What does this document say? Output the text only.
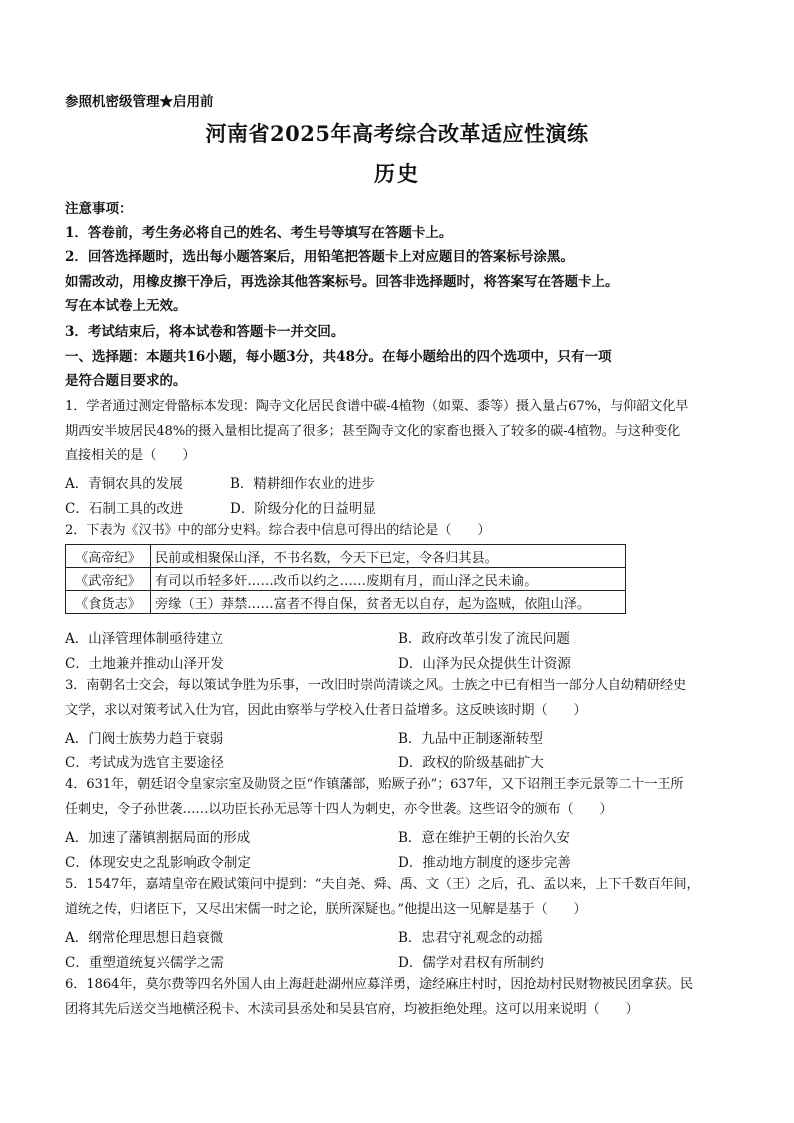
参照机密级管理★启用前
河南省2025年高考综合改革适应性演练
历史
注意事项：
1．答卷前，考生务必将自己的姓名、考生号等填写在答题卡上。
2．回答选择题时，选出每小题答案后，用铅笔把答题卡上对应题目的答案标号涂黑。
如需改动，用橡皮擦干净后，再选涂其他答案标号。回答非选择题时，将答案写在答题卡上。
写在本试卷上无效。
3．考试结束后，将本试卷和答题卡一并交回。
一、选择题：本题共16小题，每小题3分，共48分。在每小题给出的四个选项中，只有一项
是符合题目要求的。
1．学者通过测定骨骼标本发现：陶寺文化居民食谱中碳-4植物（如粟、黍等）摄入量占67%，与仰韶文化早
期西安半坡居民48%的摄入量相比提高了很多；甚至陶寺文化的家畜也摄入了较多的碳-4植物。与这种变化
直接相关的是（　　）
A．青铜农具的发展	B．精耕细作农业的进步
C．石制工具的改进	D．阶级分化的日益明显
2．下表为《汉书》中的部分史料。综合表中信息可得出的结论是（　　）
《高帝纪》	民前或相聚保山泽，不书名数，今天下已定，令各归其县。
《武帝纪》	有司以币轻多奸……改币以约之……废期有月，而山泽之民未谕。
《食货志》	旁缘（王）莽禁……富者不得自保，贫者无以自存，起为盗贼，依阻山泽。
A．山泽管理体制亟待建立	B．政府改革引发了流民问题
C．土地兼并推动山泽开发	D．山泽为民众提供生计资源
3．南朝名士交会，每以策试争胜为乐事，一改旧时崇尚清谈之风。士族之中已有相当一部分人自幼精研经史
文学，求以对策考试入仕为官，因此由察举与学校入仕者日益增多。这反映该时期（　　）
A．门阀士族势力趋于衰弱	B．九品中正制逐渐转型
C．考试成为选官主要途径	D．政权的阶级基础扩大
4．631年，朝廷诏令皇家宗室及勋贤之臣“作镇藩部，贻厥子孙”；637年，又下诏荆王李元景等二十一王所
任刺史，令子孙世袭……以功臣长孙无忌等十四人为刺史，亦令世袭。这些诏令的颁布（　　）
A．加速了藩镇割据局面的形成	B．意在维护王朝的长治久安
C．体现安史之乱影响政令制定	D．推动地方制度的逐步完善
5．1547年，嘉靖皇帝在殿试策问中提到：“夫自尧、舜、禹、文（王）之后，孔、孟以来，上下千数百年间，
道统之传，归诸臣下，又尽出宋儒一时之论，朕所深疑也。”他提出这一见解是基于（　　）
A．纲常伦理思想日趋衰微	B．忠君守礼观念的动摇
C．重塑道统复兴儒学之需	D．儒学对君权有所制约
6．1864年，莫尔费等四名外国人由上海赶赴湖州应募洋勇，途经麻庄村时，因抢劫村民财物被民团拿获。民
团将其先后送交当地横泾税卡、木渎司县丞处和吴县官府，均被拒绝处理。这可以用来说明（　　）
